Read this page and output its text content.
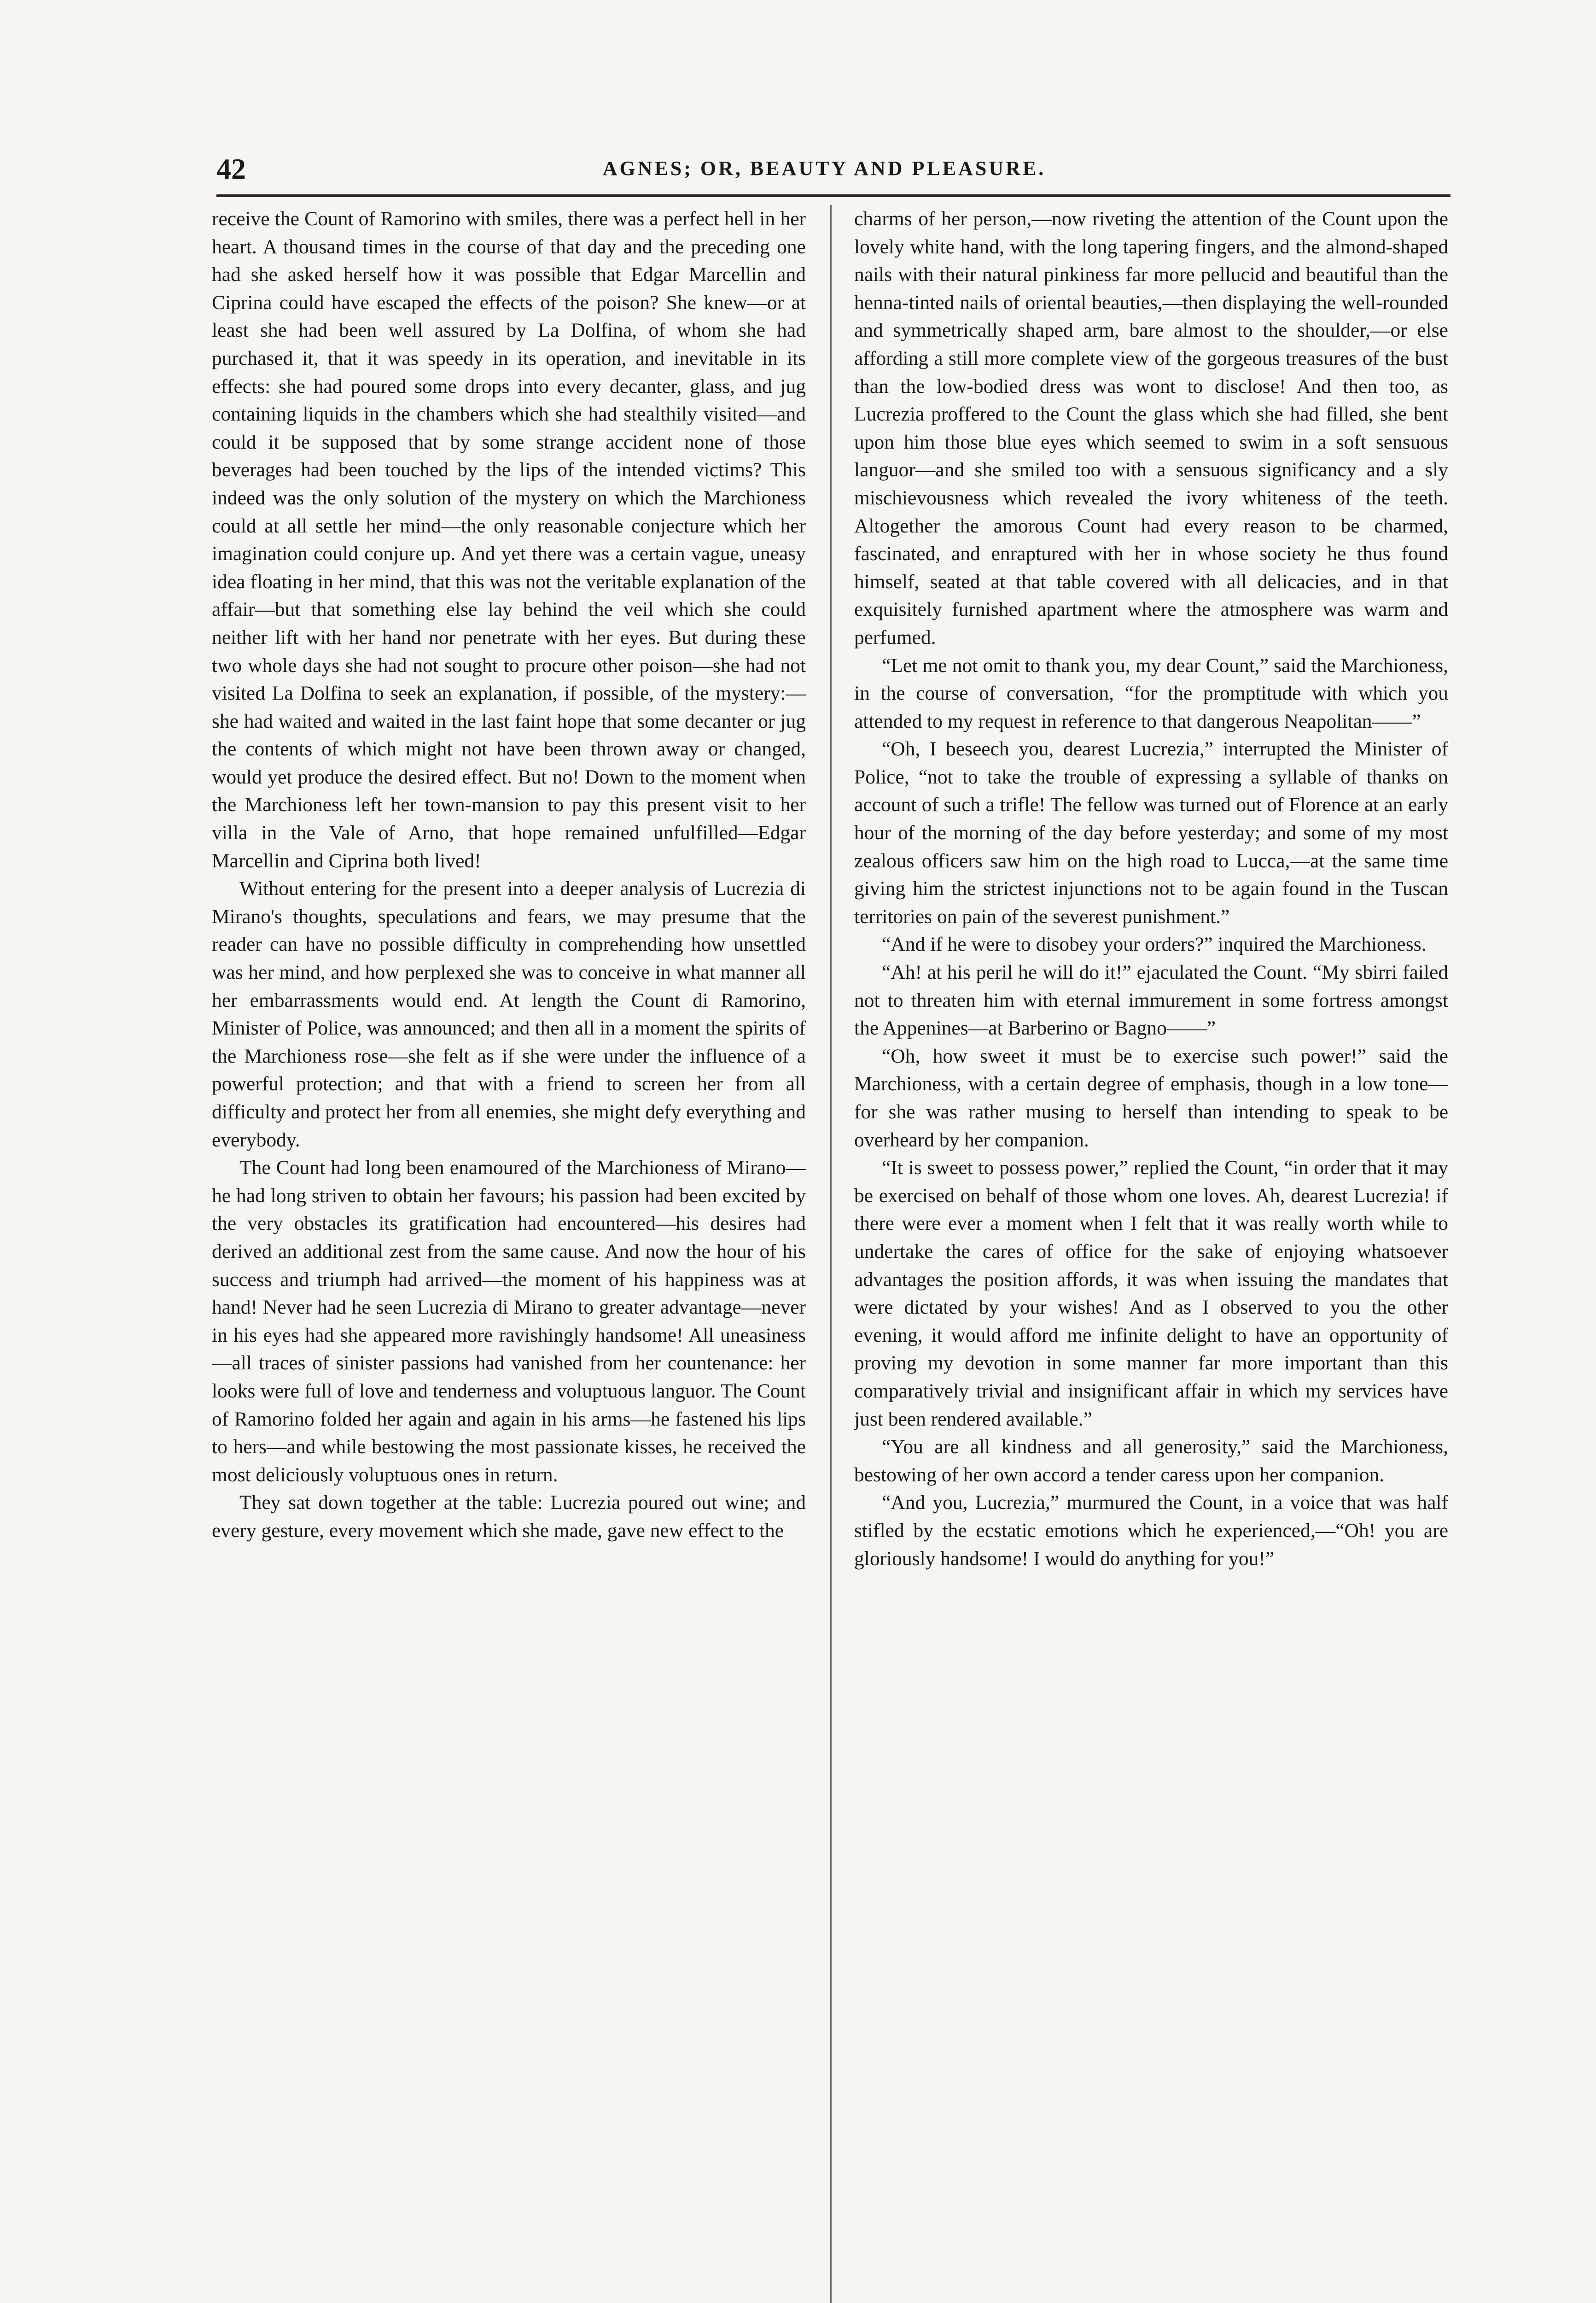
42	AGNES; OR, BEAUTY AND PLEASURE.

receive the Count of Ramorino with smiles, there was a perfect hell in her heart. A thousand times in the course of that day and the preceding one had she asked herself how it was possible that Edgar Marcellin and Ciprina could have escaped the effects of the poison? She knew—or at least she had been well assured by La Dolfina, of whom she had purchased it, that it was speedy in its operation, and inevitable in its effects: she had poured some drops into every decanter, glass, and jug containing liquids in the chambers which she had stealthily visited—and could it be supposed that by some strange accident none of those beverages had been touched by the lips of the intended victims? This indeed was the only solution of the mystery on which the Marchioness could at all settle her mind—the only reasonable conjecture which her imagination could conjure up. And yet there was a certain vague, uneasy idea floating in her mind, that this was not the veritable explanation of the affair—but that something else lay behind the veil which she could neither lift with her hand nor penetrate with her eyes. But during these two whole days she had not sought to procure other poison—she had not visited La Dolfina to seek an explanation, if possible, of the mystery:—she had waited and waited in the last faint hope that some decanter or jug the contents of which might not have been thrown away or changed, would yet produce the desired effect. But no! Down to the moment when the Marchioness left her town-mansion to pay this present visit to her villa in the Vale of Arno, that hope remained unfulfilled—Edgar Marcellin and Ciprina both lived!

Without entering for the present into a deeper analysis of Lucrezia di Mirano's thoughts, speculations and fears, we may presume that the reader can have no possible difficulty in comprehending how unsettled was her mind, and how perplexed she was to conceive in what manner all her embarrassments would end. At length the Count di Ramorino, Minister of Police, was announced; and then all in a moment the spirits of the Marchioness rose—she felt as if she were under the influence of a powerful protection; and that with a friend to screen her from all difficulty and protect her from all enemies, she might defy everything and everybody.

The Count had long been enamoured of the Marchioness of Mirano—he had long striven to obtain her favours; his passion had been excited by the very obstacles its gratification had encountered—his desires had derived an additional zest from the same cause. And now the hour of his success and triumph had arrived—the moment of his happiness was at hand! Never had he seen Lucrezia di Mirano to greater advantage—never in his eyes had she appeared more ravishingly handsome! All uneasiness—all traces of sinister passions had vanished from her countenance: her looks were full of love and tenderness and voluptuous languor. The Count of Ramorino folded her again and again in his arms—he fastened his lips to hers—and while bestowing the most passionate kisses, he received the most deliciously voluptuous ones in return.

They sat down together at the table: Lucrezia poured out wine; and every gesture, every movement which she made, gave new effect to the

charms of her person,—now riveting the attention of the Count upon the lovely white hand, with the long tapering fingers, and the almond-shaped nails with their natural pinkiness far more pellucid and beautiful than the henna-tinted nails of oriental beauties,—then displaying the well-rounded and symmetrically shaped arm, bare almost to the shoulder,—or else affording a still more complete view of the gorgeous treasures of the bust than the low-bodied dress was wont to disclose! And then too, as Lucrezia proffered to the Count the glass which she had filled, she bent upon him those blue eyes which seemed to swim in a soft sensuous languor—and she smiled too with a sensuous significancy and a sly mischievousness which revealed the ivory whiteness of the teeth. Altogether the amorous Count had every reason to be charmed, fascinated, and enraptured with her in whose society he thus found himself, seated at that table covered with all delicacies, and in that exquisitely furnished apartment where the atmosphere was warm and perfumed.

“Let me not omit to thank you, my dear Count,” said the Marchioness, in the course of conversation, “for the promptitude with which you attended to my request in reference to that dangerous Neapolitan——”

“Oh, I beseech you, dearest Lucrezia,” interrupted the Minister of Police, “not to take the trouble of expressing a syllable of thanks on account of such a trifle! The fellow was turned out of Florence at an early hour of the morning of the day before yesterday; and some of my most zealous officers saw him on the high road to Lucca,—at the same time giving him the strictest injunctions not to be again found in the Tuscan territories on pain of the severest punishment.”

“And if he were to disobey your orders?” inquired the Marchioness.

“Ah! at his peril he will do it!” ejaculated the Count. “My sbirri failed not to threaten him with eternal immurement in some fortress amongst the Appenines—at Barberino or Bagno——”

“Oh, how sweet it must be to exercise such power!” said the Marchioness, with a certain degree of emphasis, though in a low tone—for she was rather musing to herself than intending to speak to be overheard by her companion.

“It is sweet to possess power,” replied the Count, “in order that it may be exercised on behalf of those whom one loves. Ah, dearest Lucrezia! if there were ever a moment when I felt that it was really worth while to undertake the cares of office for the sake of enjoying whatsoever advantages the position affords, it was when issuing the mandates that were dictated by your wishes! And as I observed to you the other evening, it would afford me infinite delight to have an opportunity of proving my devotion in some manner far more important than this comparatively trivial and insignificant affair in which my services have just been rendered available.”

“You are all kindness and all generosity,” said the Marchioness, bestowing of her own accord a tender caress upon her companion.

“And you, Lucrezia,” murmured the Count, in a voice that was half stifled by the ecstatic emotions which he experienced,—“Oh! you are gloriously handsome! I would do anything for you!”
